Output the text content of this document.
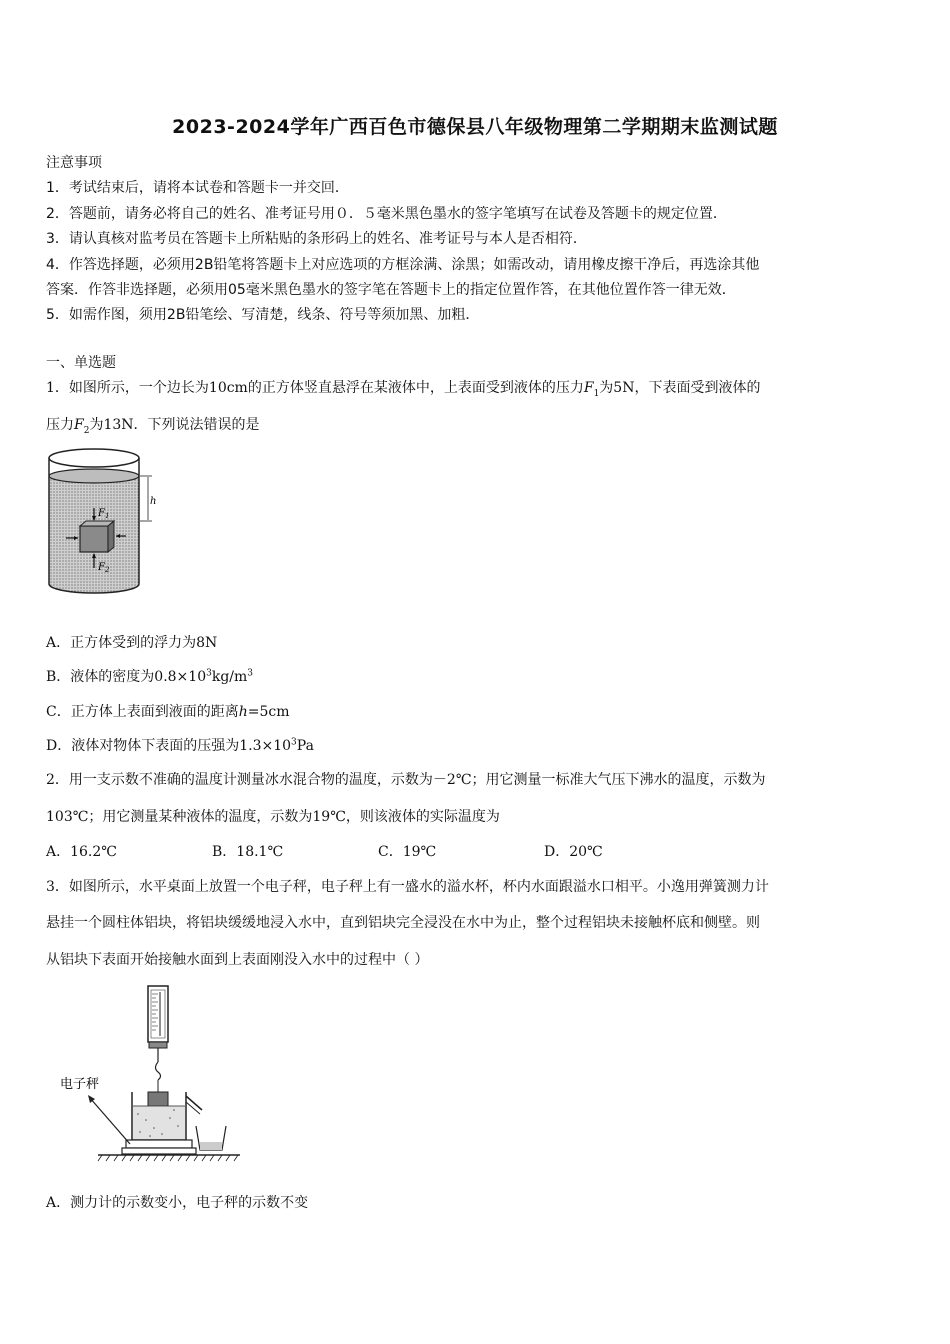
2023-2024学年广西百色市德保县八年级物理第二学期期末监测试题
注意事项
1．考试结束后，请将本试卷和答题卡一并交回．
2．答题前，请务必将自己的姓名、准考证号用０．５毫米黑色墨水的签字笔填写在试卷及答题卡的规定位置．
3．请认真核对监考员在答题卡上所粘贴的条形码上的姓名、准考证号与本人是否相符．
4．作答选择题，必须用2B铅笔将答题卡上对应选项的方框涂满、涂黑；如需改动，请用橡皮擦干净后，再选涂其他
答案．作答非选择题，必须用05毫米黑色墨水的签字笔在答题卡上的指定位置作答，在其他位置作答一律无效．
5．如需作图，须用2B铅笔绘、写清楚，线条、符号等须加黑、加粗．
一、单选题
1．如图所示，一个边长为10cm的正方体竖直悬浮在某液体中，上表面受到液体的压力$F_1$为5N，下表面受到液体的
压力$F_2$为13N．下列说法错误的是
h
$F_1$
$F_2$
A．正方体受到的浮力为8N
B．液体的密度为$0.8\times 10^3kg/m^3$
C．正方体上表面到液面的距离h=5cm
D．液体对物体下表面的压强为$1.3\times 10^3Pa$
2．用一支示数不准确的温度计测量冰水混合物的温度，示数为－2℃；用它测量一标准大气压下沸水的温度，示数为
103℃；用它测量某种液体的温度，示数为19℃，则该液体的实际温度为
A．16.2℃	B．18.1℃	C．19℃	D．20℃
3．如图所示，水平桌面上放置一个电子秤，电子秤上有一盛水的溢水杯，杯内水面跟溢水口相平。小逸用弹簧测力计
悬挂一个圆柱体铝块，将铝块缓缓地浸入水中，直到铝块完全浸没在水中为止，整个过程铝块未接触杯底和侧壁。则
从铝块下表面开始接触水面到上表面刚没入水中的过程中（ ）
电子秤
A．测力计的示数变小，电子秤的示数不变
